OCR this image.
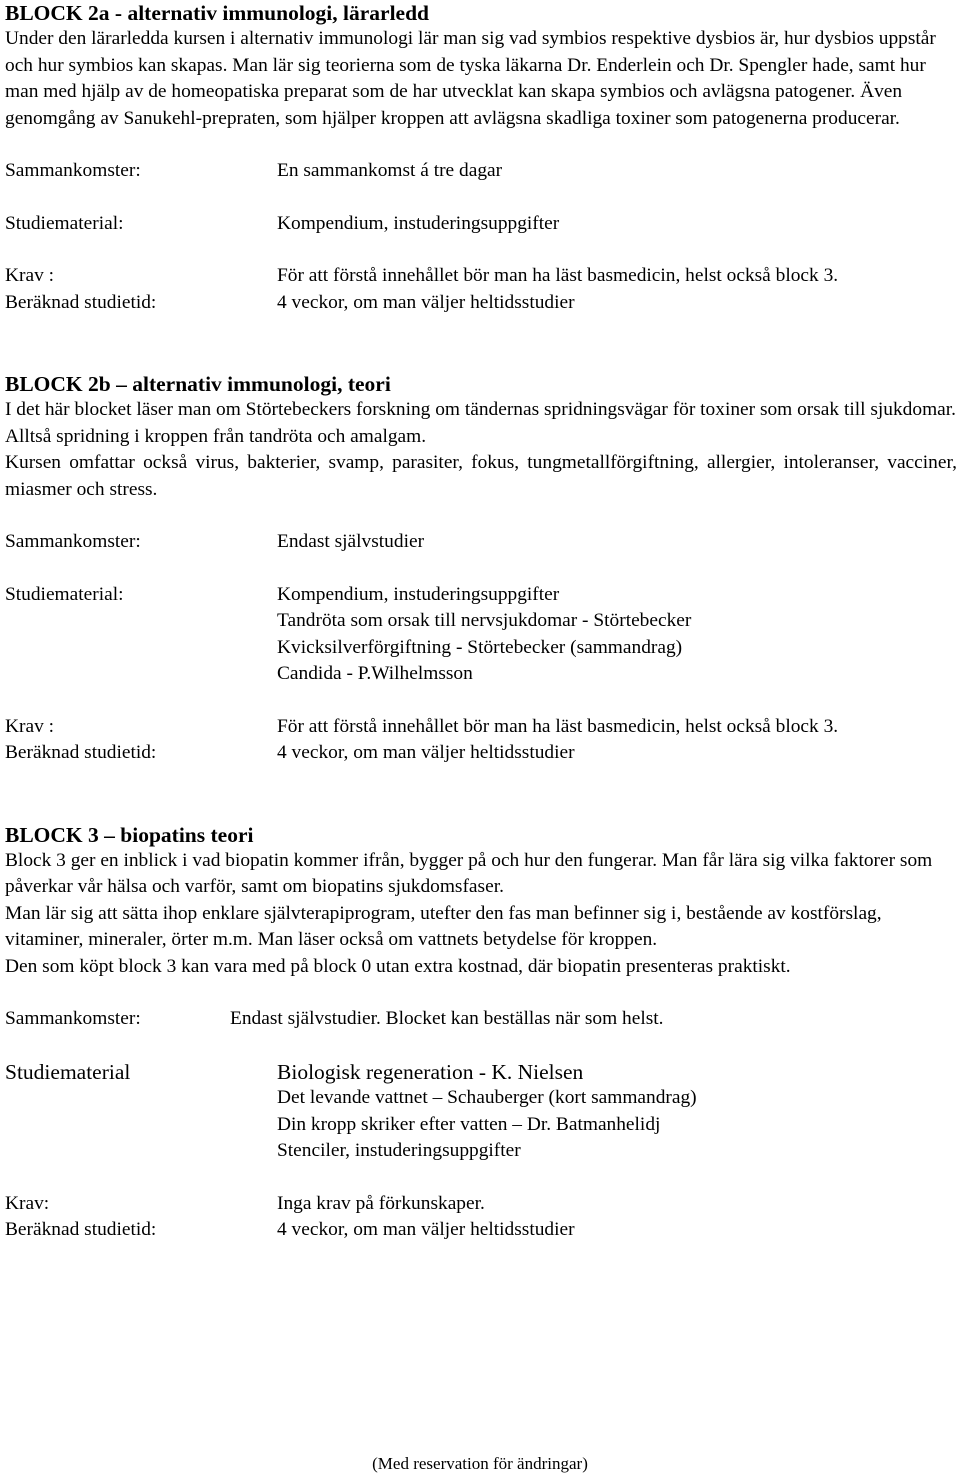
BLOCK 2a - alternativ immunologi, lärarledd

Under den lärarledda kursen i alternativ immunologi lär man sig vad symbios respektive dysbios är, hur dysbios uppstår och hur symbios kan skapas. Man lär sig teorierna som de tyska läkarna Dr. Enderlein och Dr. Spengler hade, samt hur man med hjälp av de homeopatiska preparat som de har utvecklat kan skapa symbios och avlägsna patogener. Även genomgång av Sanukehl-prepraten, som hjälper kroppen att avlägsna skadliga toxiner som patogenerna producerar.

Sammankomster:	En sammankomst á tre dagar
Studiematerial:	Kompendium, instuderingsuppgifter
Krav :	För att förstå innehållet bör man ha läst basmedicin, helst också block 3.
Beräknad studietid:	4 veckor, om man väljer heltidsstudier
BLOCK 2b – alternativ immunologi, teori

I det här blocket läser man om Störtebeckers forskning om tändernas spridningsvägar för toxiner som orsak till sjukdomar. Alltså spridning i kroppen från tandröta och amalgam.

Kursen omfattar också virus, bakterier, svamp, parasiter, fokus, tungmetallförgiftning, allergier, intoleranser, vacciner, miasmer och stress.

Sammankomster:	Endast självstudier
Studiematerial:	Kompendium, instuderingsuppgifter
Tandröta som orsak till nervsjukdomar - Störtebecker
Kvicksilverförgiftning - Störtebecker (sammandrag)
Candida - P.Wilhelmsson
Krav :	För att förstå innehållet bör man ha läst basmedicin, helst också block 3.
Beräknad studietid:	4 veckor, om man väljer heltidsstudier
BLOCK 3 – biopatins teori

Block 3 ger en inblick i vad biopatin kommer ifrån, bygger på och hur den fungerar. Man får lära sig vilka faktorer som påverkar vår hälsa och varför, samt om biopatins sjukdomsfaser.

Man lär sig att sätta ihop enklare självterapiprogram, utefter den fas man befinner sig i, bestående av kostförslag, vitaminer, mineraler, örter m.m. Man läser också om vattnets betydelse för kroppen.

Den som köpt block 3 kan vara med på block 0 utan extra kostnad, där biopatin presenteras praktiskt.

Sammankomster:	Endast självstudier. Blocket kan beställas när som helst.
Studiematerial	Biologisk regeneration - K. Nielsen
Det levande vattnet – Schauberger (kort sammandrag)
Din kropp skriker efter vatten – Dr. Batmanhelidj
Stenciler, instuderingsuppgifter
Krav:	Inga krav på förkunskaper.
Beräknad studietid:	4 veckor, om man väljer heltidsstudier
(Med reservation för ändringar)
